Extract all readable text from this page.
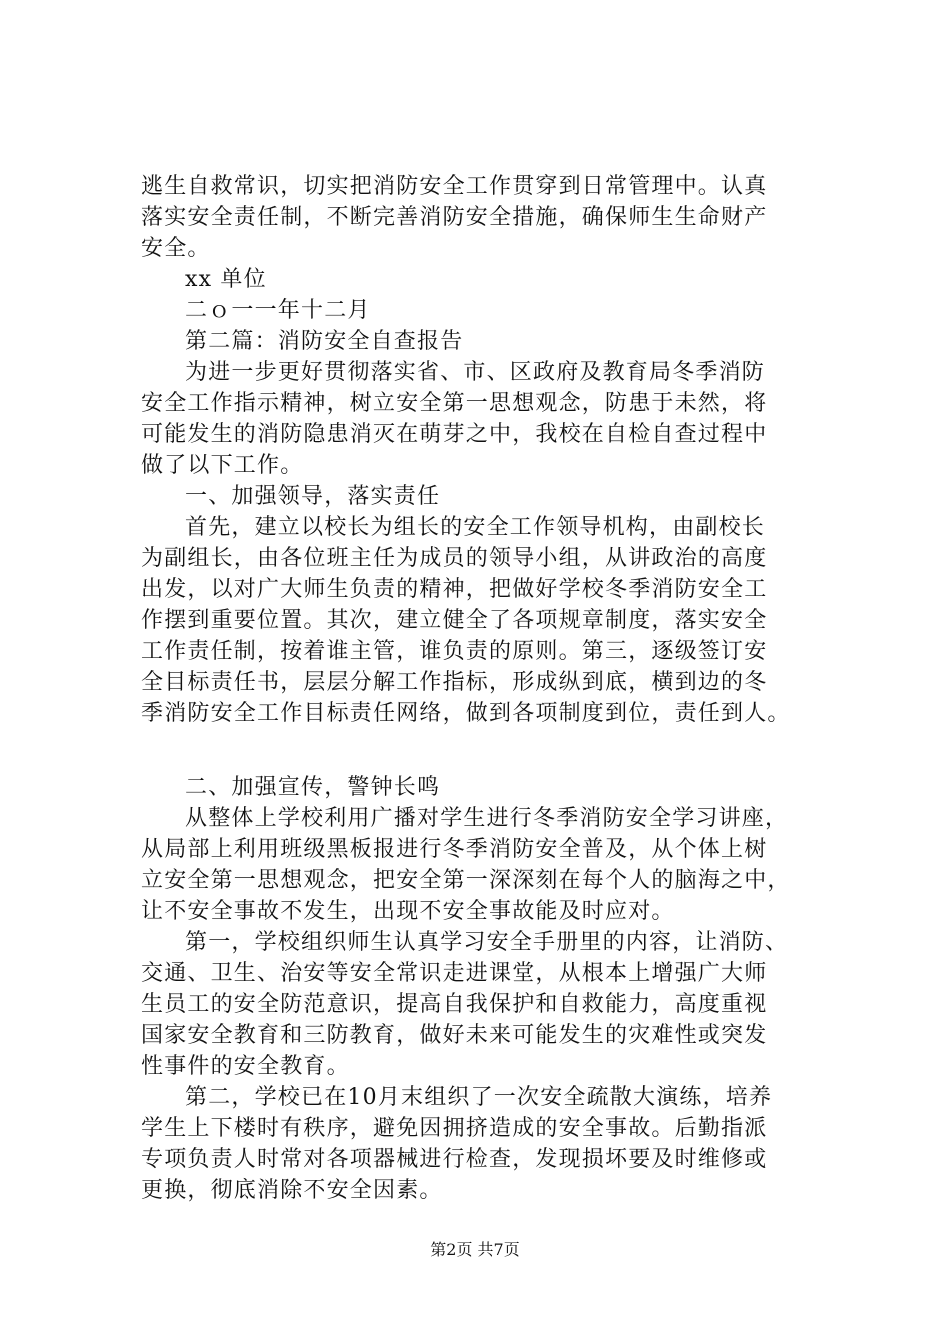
逃生自救常识，切实把消防安全工作贯穿到日常管理中。认真
落实安全责任制，不断完善消防安全措施，确保师生生命财产
安全。
xx 单位
二ｏ一一年十二月
第二篇：消防安全自查报告
为进一步更好贯彻落实省、市、区政府及教育局冬季消防
安全工作指示精神，树立安全第一思想观念，防患于未然，将
可能发生的消防隐患消灭在萌芽之中，我校在自检自查过程中
做了以下工作。
一、加强领导，落实责任
首先，建立以校长为组长的安全工作领导机构，由副校长
为副组长，由各位班主任为成员的领导小组，从讲政治的高度
出发，以对广大师生负责的精神，把做好学校冬季消防安全工
作摆到重要位置。其次，建立健全了各项规章制度，落实安全
工作责任制，按着谁主管，谁负责的原则。第三，逐级签订安
全目标责任书，层层分解工作指标，形成纵到底，横到边的冬
季消防安全工作目标责任网络，做到各项制度到位，责任到人。
二、加强宣传，警钟长鸣
从整体上学校利用广播对学生进行冬季消防安全学习讲座，
从局部上利用班级黑板报进行冬季消防安全普及，从个体上树
立安全第一思想观念，把安全第一深深刻在每个人的脑海之中，
让不安全事故不发生，出现不安全事故能及时应对。
第一，学校组织师生认真学习安全手册里的内容，让消防、
交通、卫生、治安等安全常识走进课堂，从根本上增强广大师
生员工的安全防范意识，提高自我保护和自救能力，高度重视
国家安全教育和三防教育，做好未来可能发生的灾难性或突发
性事件的安全教育。
第二，学校已在10月末组织了一次安全疏散大演练，培养
学生上下楼时有秩序，避免因拥挤造成的安全事故。后勤指派
专项负责人时常对各项器械进行检查，发现损坏要及时维修或
更换，彻底消除不安全因素。
第2页 共7页
